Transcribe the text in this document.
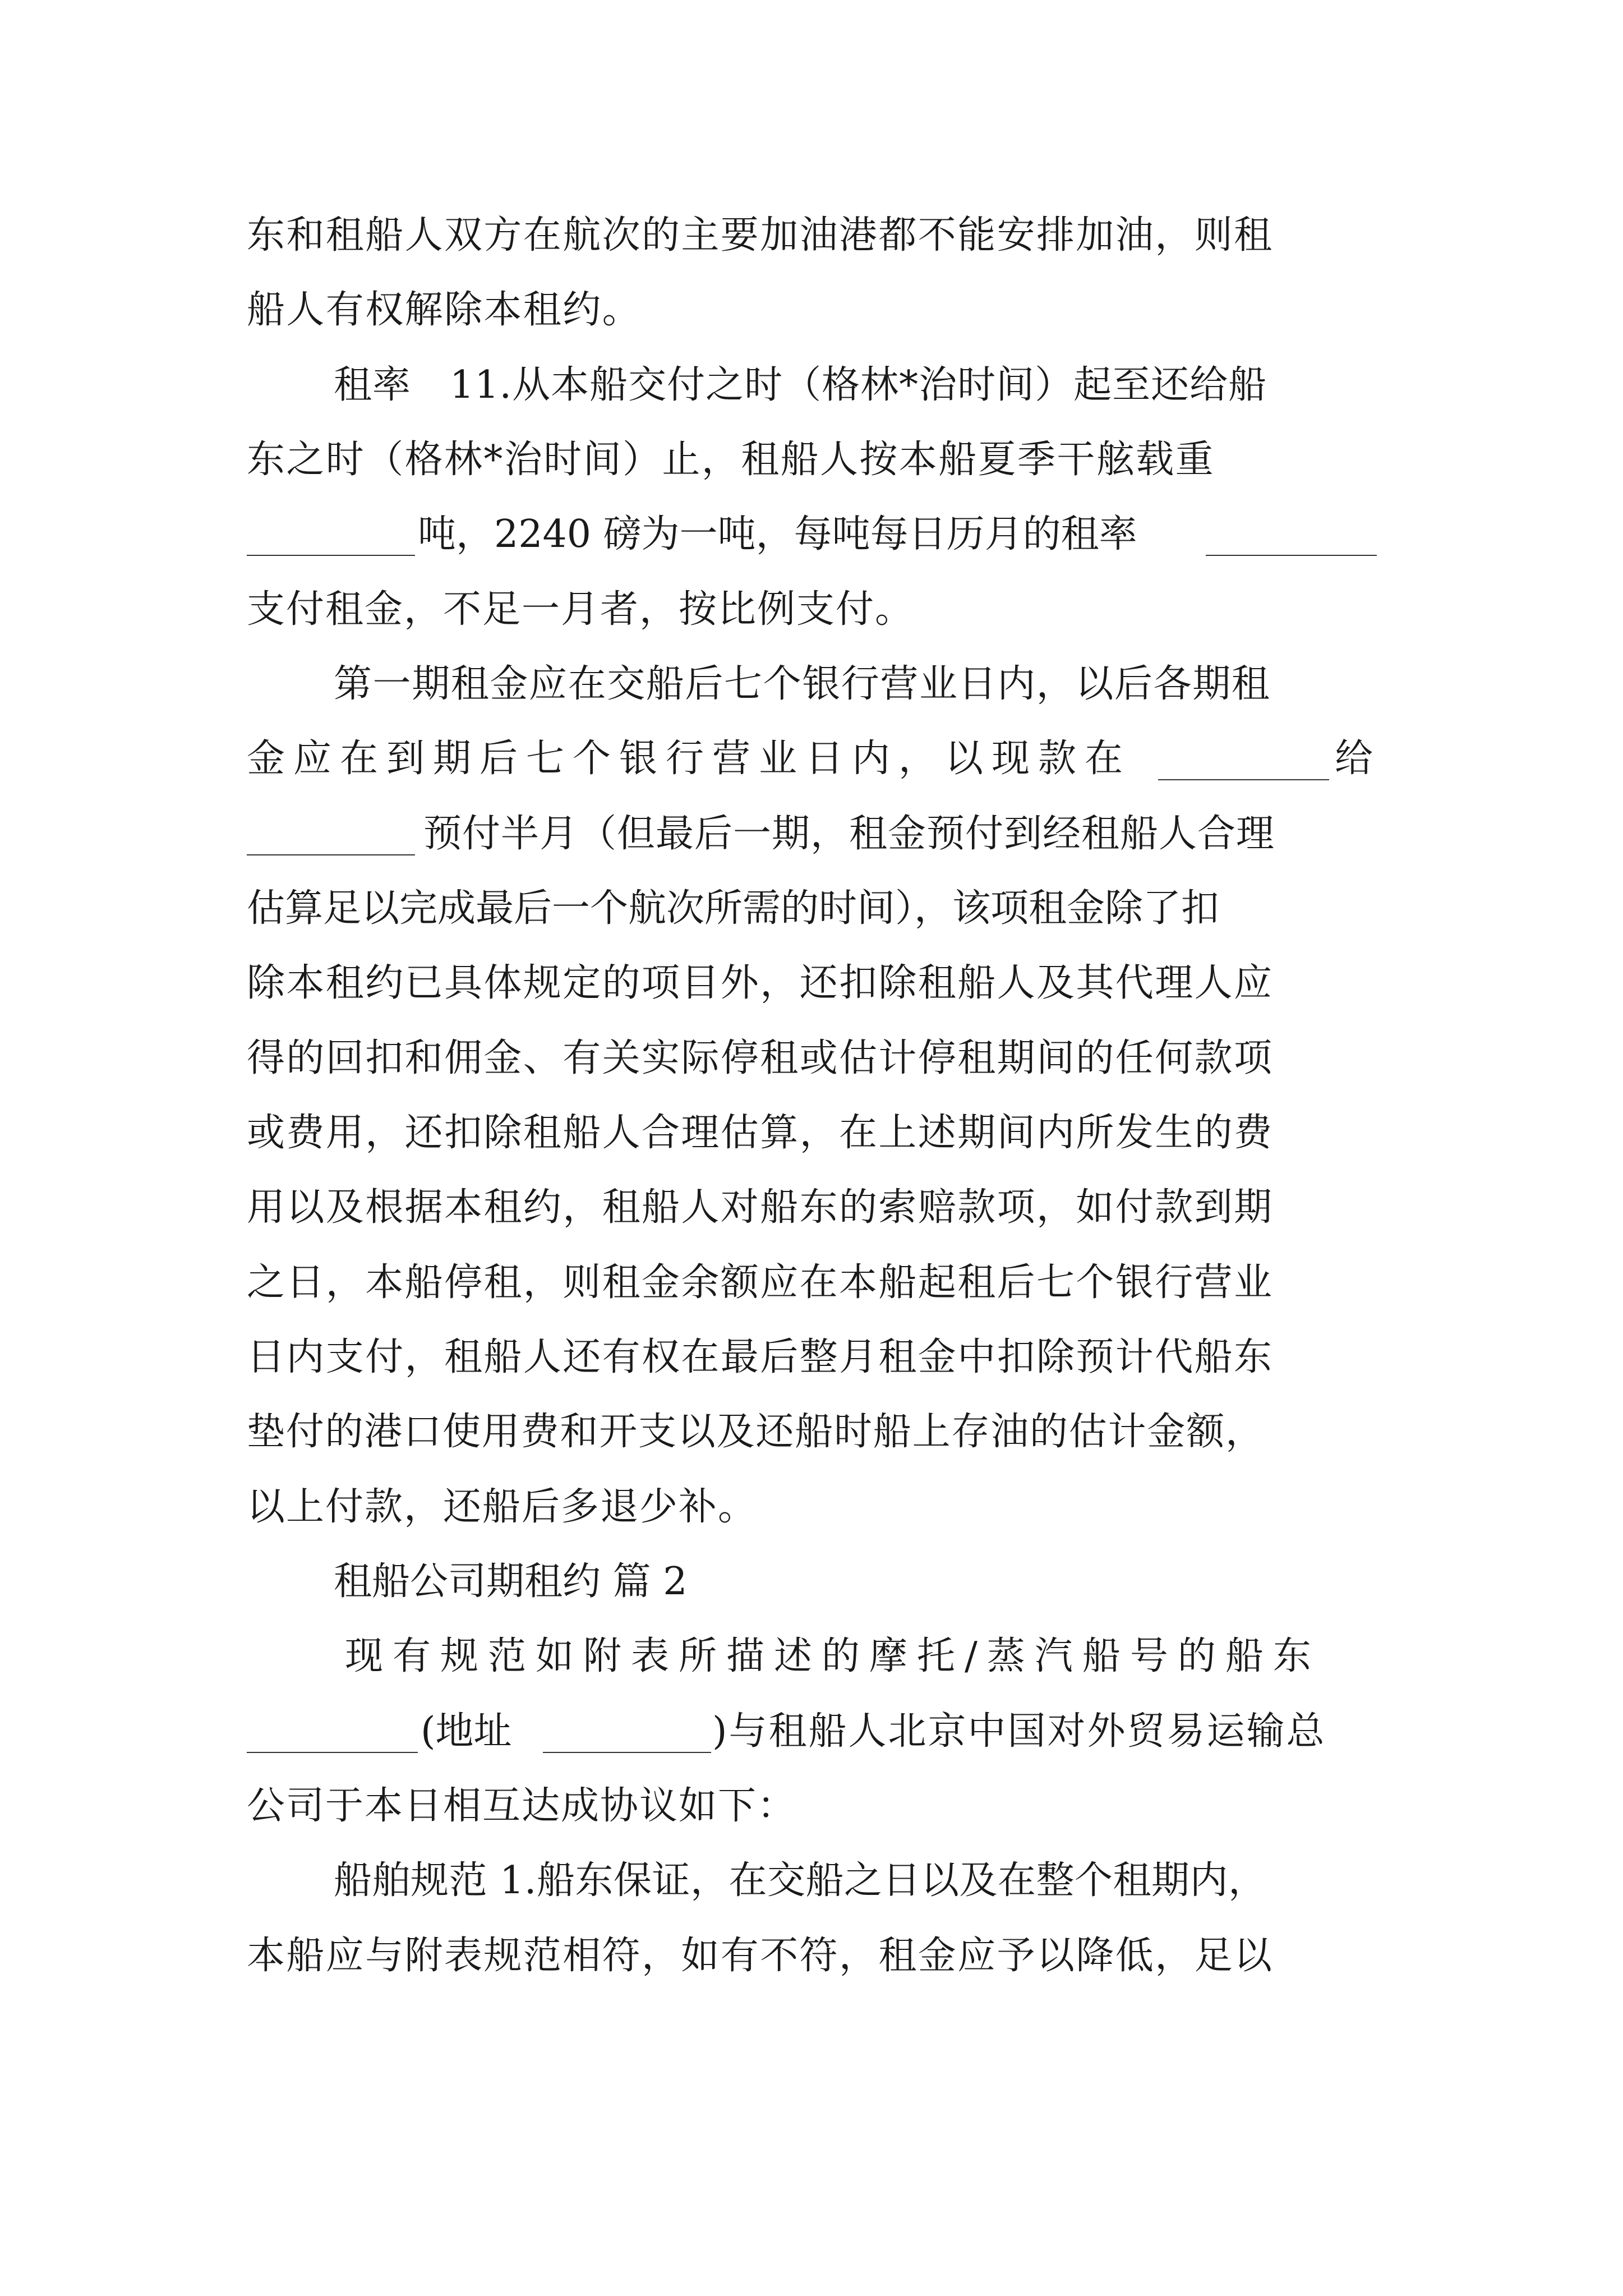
东和租船人双方在航次的主要加油港都不能安排加油，则租
船人有权解除本租约。
租率　11.从本船交付之时（格林*治时间）起至还给船
东之时（格林*治时间）止，租船人按本船夏季干舷载重
吨，2240 磅为一吨，每吨每日历月的租率
支付租金，不足一月者，按比例支付。
第一期租金应在交船后七个银行营业日内，以后各期租
金应在到期后七个银行营业日内，以现款在	给
预付半月（但最后一期，租金预付到经租船人合理
估算足以完成最后一个航次所需的时间），该项租金除了扣
除本租约已具体规定的项目外，还扣除租船人及其代理人应
得的回扣和佣金、有关实际停租或估计停租期间的任何款项
或费用，还扣除租船人合理估算，在上述期间内所发生的费
用以及根据本租约，租船人对船东的索赔款项，如付款到期
之日，本船停租，则租金余额应在本船起租后七个银行营业
日内支付，租船人还有权在最后整月租金中扣除预计代船东
垫付的港口使用费和开支以及还船时船上存油的估计金额，
以上付款，还船后多退少补。
租船公司期租约 篇 2
现有规范如附表所描述的摩托/蒸汽船号的船东
(地址	)与租船人北京中国对外贸易运输总
公司于本日相互达成协议如下：
船舶规范 1.船东保证，在交船之日以及在整个租期内，
本船应与附表规范相符，如有不符，租金应予以降低，足以
